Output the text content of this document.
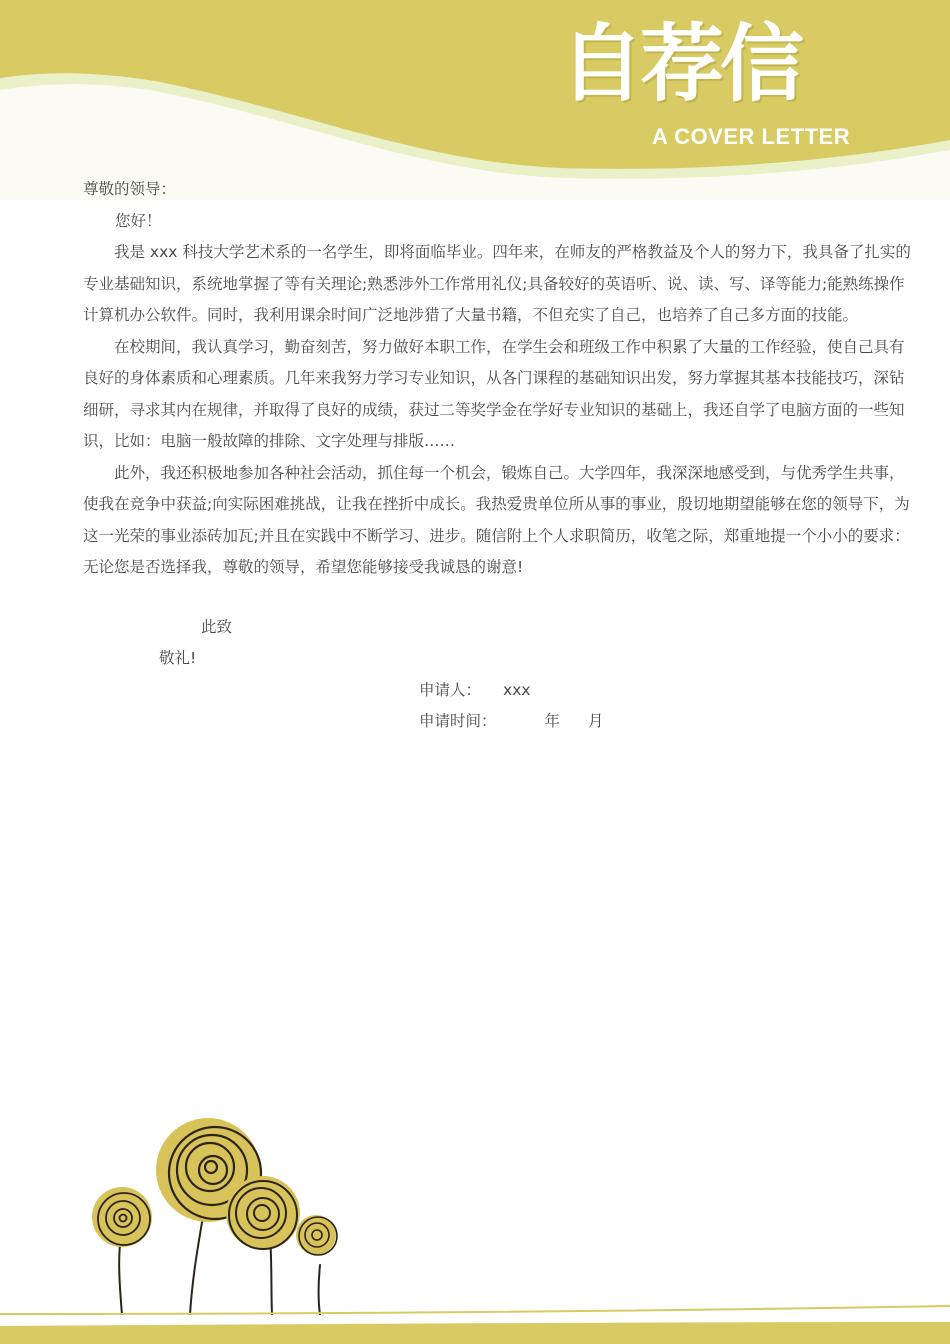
自荐信
A COVER LETTER

尊敬的领导：

您好！

我是 xxx 科技大学艺术系的一名学生，即将面临毕业。四年来，在师友的严格教益及个人的努力下，我具备了扎实的专业基础知识，系统地掌握了等有关理论;熟悉涉外工作常用礼仪;具备较好的英语听、说、读、写、译等能力;能熟练操作计算机办公软件。同时，我利用课余时间广泛地涉猎了大量书籍，不但充实了自己，也培养了自己多方面的技能。

在校期间，我认真学习，勤奋刻苦，努力做好本职工作，在学生会和班级工作中积累了大量的工作经验，使自己具有良好的身体素质和心理素质。几年来我努力学习专业知识，从各门课程的基础知识出发，努力掌握其基本技能技巧，深钻细研，寻求其内在规律，并取得了良好的成绩，获过二等奖学金在学好专业知识的基础上，我还自学了电脑方面的一些知识，比如：电脑一般故障的排除、文字处理与排版……

此外，我还积极地参加各种社会活动，抓住每一个机会，锻炼自己。大学四年，我深深地感受到，与优秀学生共事，使我在竞争中获益;向实际困难挑战，让我在挫折中成长。我热爱贵单位所从事的事业，殷切地期望能够在您的领导下，为这一光荣的事业添砖加瓦;并且在实践中不断学习、进步。随信附上个人求职简历，收笔之际，郑重地提一个小小的要求：无论您是否选择我，尊敬的领导，希望您能够接受我诚恳的谢意!

此致

敬礼!

申请人： xxx

申请时间：	年 月
